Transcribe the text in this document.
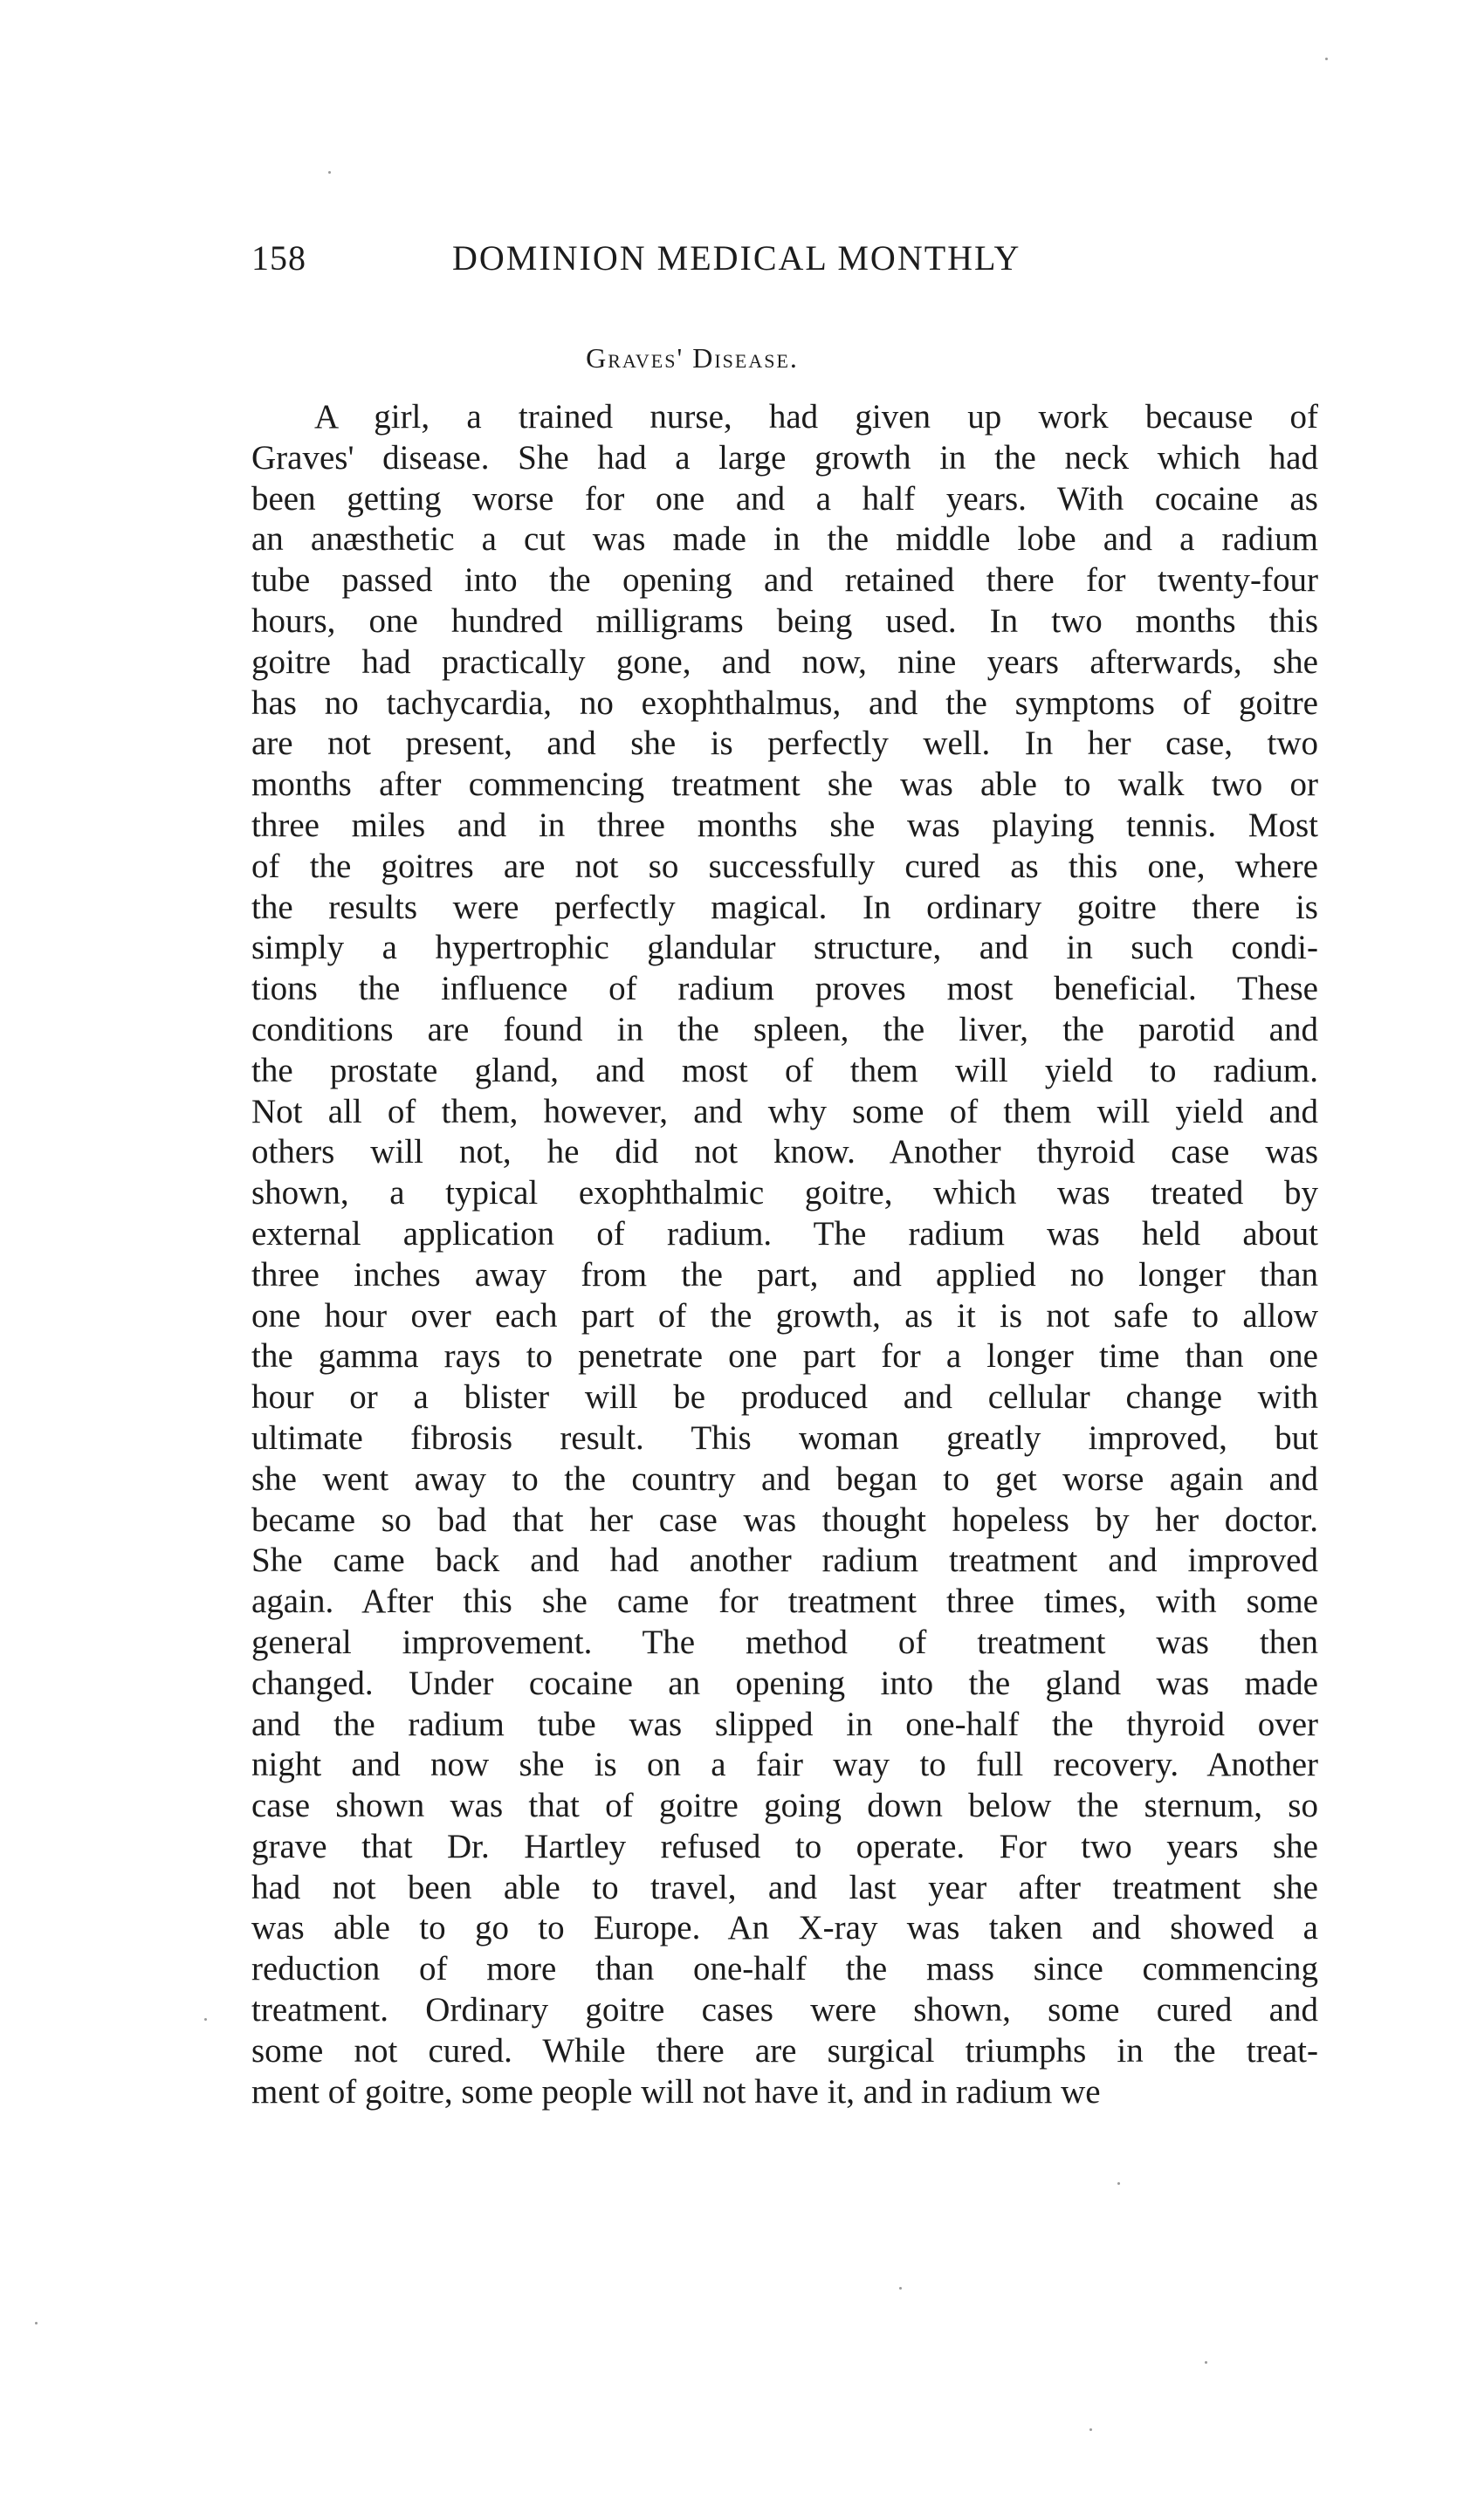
158	DOMINION MEDICAL MONTHLY
Graves' Disease.
A girl, a trained nurse, had given up work because of
Graves' disease. She had a large growth in the neck which had
been getting worse for one and a half years. With cocaine as
an anæsthetic a cut was made in the middle lobe and a radium
tube passed into the opening and retained there for twenty-four
hours, one hundred milligrams being used. In two months this
goitre had practically gone, and now, nine years afterwards, she
has no tachycardia, no exophthalmus, and the symptoms of goitre
are not present, and she is perfectly well. In her case, two
months after commencing treatment she was able to walk two or
three miles and in three months she was playing tennis. Most
of the goitres are not so successfully cured as this one, where
the results were perfectly magical. In ordinary goitre there is
simply a hypertrophic glandular structure, and in such condi-
tions the influence of radium proves most beneficial. These
conditions are found in the spleen, the liver, the parotid and
the prostate gland, and most of them will yield to radium.
Not all of them, however, and why some of them will yield and
others will not, he did not know. Another thyroid case was
shown, a typical exophthalmic goitre, which was treated by
external application of radium. The radium was held about
three inches away from the part, and applied no longer than
one hour over each part of the growth, as it is not safe to allow
the gamma rays to penetrate one part for a longer time than one
hour or a blister will be produced and cellular change with
ultimate fibrosis result. This woman greatly improved, but
she went away to the country and began to get worse again and
became so bad that her case was thought hopeless by her doctor.
She came back and had another radium treatment and improved
again. After this she came for treatment three times, with some
general improvement. The method of treatment was then
changed. Under cocaine an opening into the gland was made
and the radium tube was slipped in one-half the thyroid over
night and now she is on a fair way to full recovery. Another
case shown was that of goitre going down below the sternum, so
grave that Dr. Hartley refused to operate. For two years she
had not been able to travel, and last year after treatment she
was able to go to Europe. An X-ray was taken and showed a
reduction of more than one-half the mass since commencing
treatment. Ordinary goitre cases were shown, some cured and
some not cured. While there are surgical triumphs in the treat-
ment of goitre, some people will not have it, and in radium we
